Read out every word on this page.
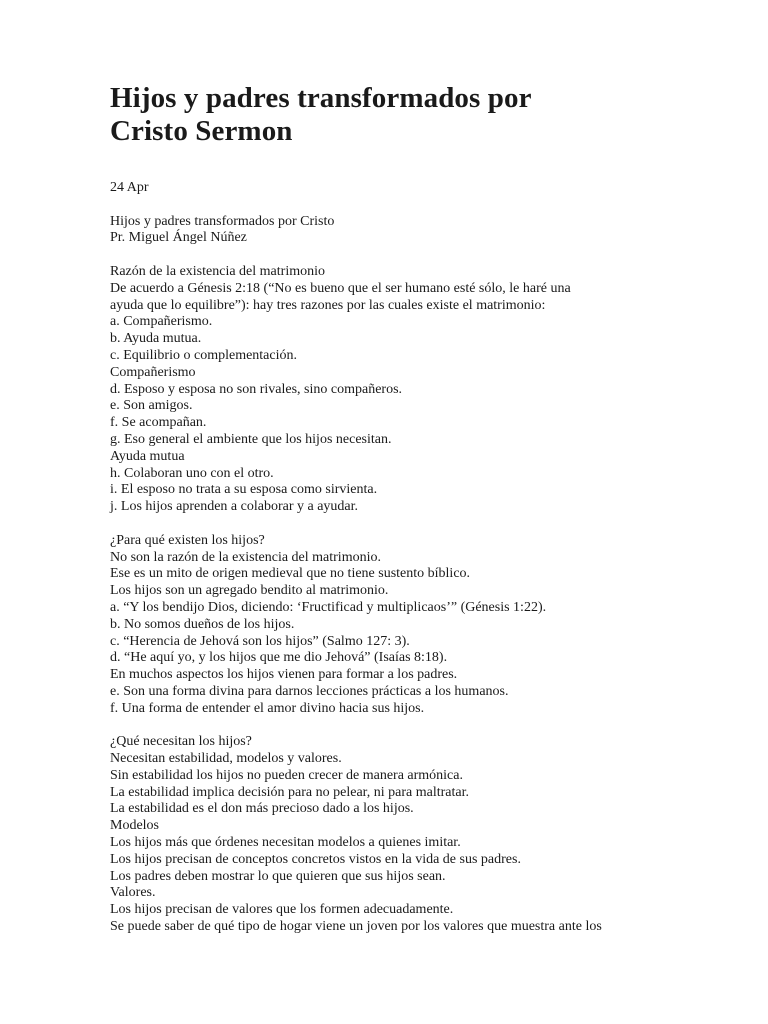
Hijos y padres transformados por
Cristo Sermon
24 Apr
Hijos y padres transformados por Cristo
Pr. Miguel Ángel Núñez
Razón de la existencia del matrimonio
De acuerdo a Génesis 2:18 (“No es bueno que el ser humano esté sólo, le haré una
ayuda que lo equilibre”): hay tres razones por las cuales existe el matrimonio:
a. Compañerismo.
b. Ayuda mutua.
c. Equilibrio o complementación.
Compañerismo
d. Esposo y esposa no son rivales, sino compañeros.
e. Son amigos.
f. Se acompañan.
g. Eso general el ambiente que los hijos necesitan.
Ayuda mutua
h. Colaboran uno con el otro.
i. El esposo no trata a su esposa como sirvienta.
j. Los hijos aprenden a colaborar y a ayudar.
¿Para qué existen los hijos?
No son la razón de la existencia del matrimonio.
Ese es un mito de origen medieval que no tiene sustento bíblico.
Los hijos son un agregado bendito al matrimonio.
a. “Y los bendijo Dios, diciendo: ‘Fructificad y multiplicaos’” (Génesis 1:22).
b. No somos dueños de los hijos.
c. “Herencia de Jehová son los hijos” (Salmo 127: 3).
d. “He aquí yo, y los hijos que me dio Jehová” (Isaías 8:18).
En muchos aspectos los hijos vienen para formar a los padres.
e. Son una forma divina para darnos lecciones prácticas a los humanos.
f. Una forma de entender el amor divino hacia sus hijos.
¿Qué necesitan los hijos?
Necesitan estabilidad, modelos y valores.
Sin estabilidad los hijos no pueden crecer de manera armónica.
La estabilidad implica decisión para no pelear, ni para maltratar.
La estabilidad es el don más precioso dado a los hijos.
Modelos
Los hijos más que órdenes necesitan modelos a quienes imitar.
Los hijos precisan de conceptos concretos vistos en la vida de sus padres.
Los padres deben mostrar lo que quieren que sus hijos sean.
Valores.
Los hijos precisan de valores que los formen adecuadamente.
Se puede saber de qué tipo de hogar viene un joven por los valores que muestra ante los
